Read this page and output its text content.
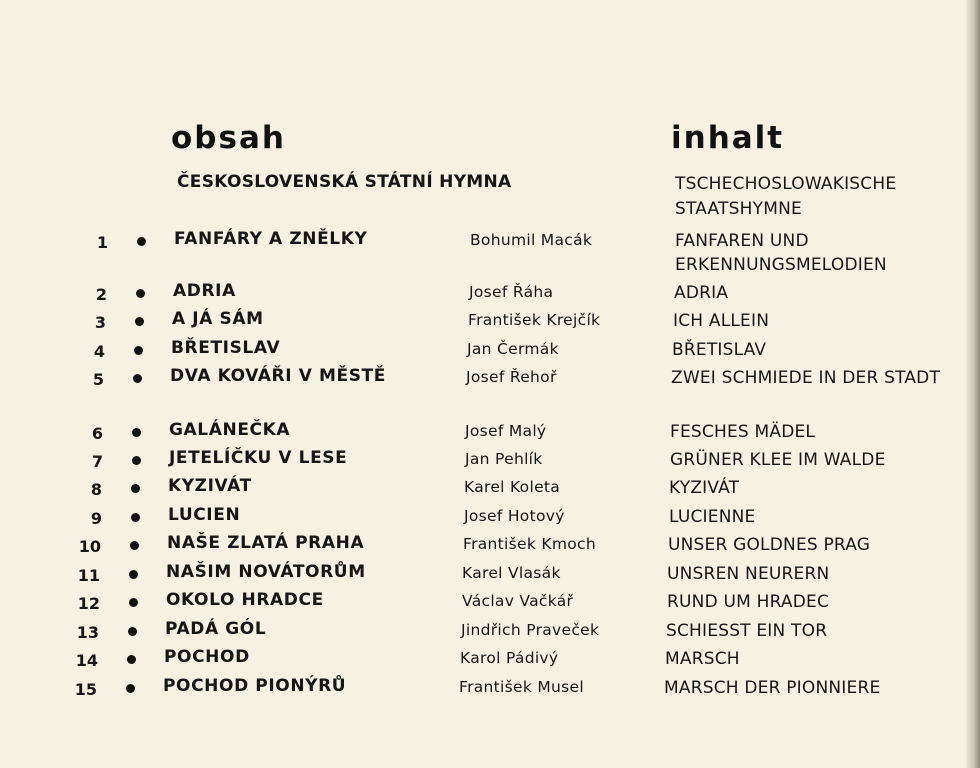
obsah	inhalt
ČESKOSLOVENSKÁ STÁTNÍ HYMNA	TSCHECHOSLOWAKISCHE STAATSHYMNE
1	FANFÁRY A ZNĚLKY	Bohumil Macák	FANFAREN UND ERKENNUNGSMELODIEN
2	ADRIA	Josef Řáha	ADRIA
3	A JÁ SÁM	František Krejčík	ICH ALLEIN
4	BŘETISLAV	Jan Čermák	BŘETISLAV
5	DVA KOVÁŘI V MĚSTĚ	Josef Řehoř	ZWEI SCHMIEDE IN DER STADT
6	GALÁNEČKA	Josef Malý	FESCHES MÄDEL
7	JETELÍČKU V LESE	Jan Pehlík	GRÜNER KLEE IM WALDE
8	KYZIVÁT	Karel Koleta	KYZIVÁT
9	LUCIEN	Josef Hotový	LUCIENNE
10	NAŠE ZLATÁ PRAHA	František Kmoch	UNSER GOLDNES PRAG
11	NAŠIM NOVÁTORŮM	Karel Vlasák	UNSREN NEURERN
12	OKOLO HRADCE	Václav Vačkář	RUND UM HRADEC
13	PADÁ GÓL	Jindřich Praveček	SCHIESST EIN TOR
14	POCHOD	Karol Pádivý	MARSCH
15	POCHOD PIONÝRŮ	František Musel	MARSCH DER PIONNIERE
